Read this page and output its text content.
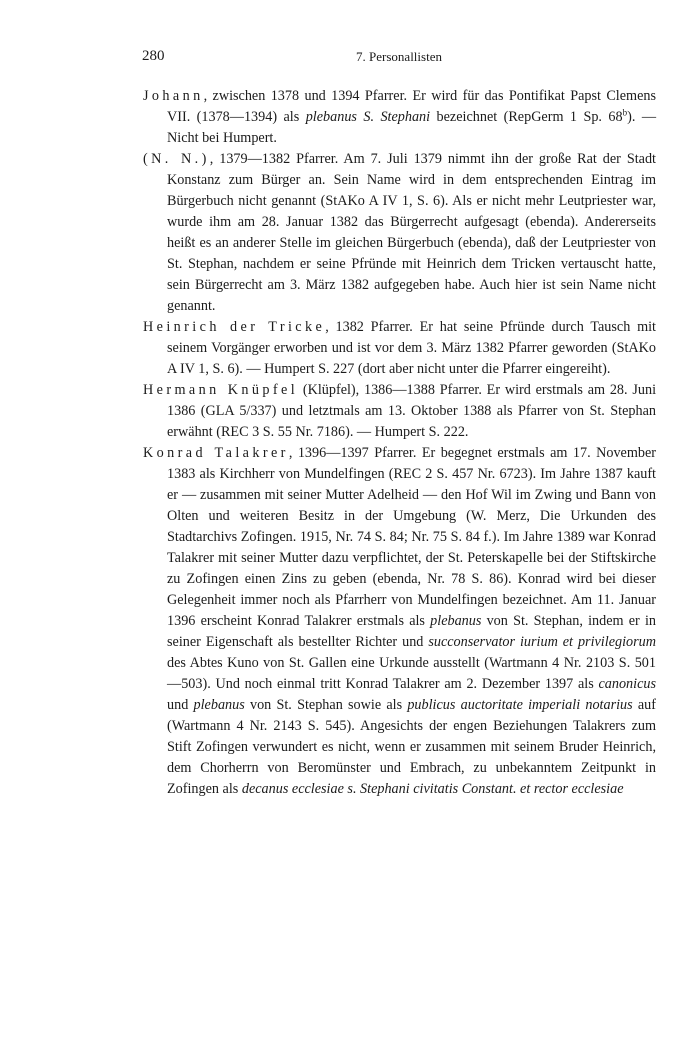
280	7. Personallisten

Johann, zwischen 1378 und 1394 Pfarrer. Er wird für das Pontifikat Papst Clemens VII. (1378—1394) als plebanus S. Stephani bezeichnet (RepGerm 1 Sp. 68$^b$). — Nicht bei Humpert.

(N. N.), 1379—1382 Pfarrer. Am 7. Juli 1379 nimmt ihn der große Rat der Stadt Konstanz zum Bürger an. Sein Name wird in dem entsprechenden Eintrag im Bürgerbuch nicht genannt (StAKo A IV 1, S. 6). Als er nicht mehr Leutpriester war, wurde ihm am 28. Januar 1382 das Bürgerrecht aufgesagt (ebenda). Andererseits heißt es an anderer Stelle im gleichen Bürgerbuch (ebenda), daß der Leutpriester von St. Stephan, nachdem er seine Pfründe mit Heinrich dem Tricken vertauscht hatte, sein Bürgerrecht am 3. März 1382 aufgegeben habe. Auch hier ist sein Name nicht genannt.

Heinrich der Tricke, 1382 Pfarrer. Er hat seine Pfründe durch Tausch mit seinem Vorgänger erworben und ist vor dem 3. März 1382 Pfarrer geworden (StAKo A IV 1, S. 6). — Humpert S. 227 (dort aber nicht unter die Pfarrer eingereiht).

Hermann Knüpfel (Klüpfel), 1386—1388 Pfarrer. Er wird erstmals am 28. Juni 1386 (GLA 5/337) und letztmals am 13. Oktober 1388 als Pfarrer von St. Stephan erwähnt (REC 3 S. 55 Nr. 7186). — Humpert S. 222.

Konrad Talakrer, 1396—1397 Pfarrer. Er begegnet erstmals am 17. November 1383 als Kirchherr von Mundelfingen (REC 2 S. 457 Nr. 6723). Im Jahre 1387 kauft er — zusammen mit seiner Mutter Adelheid — den Hof Wil im Zwing und Bann von Olten und weiteren Besitz in der Umgebung (W. Merz, Die Urkunden des Stadtarchivs Zofingen. 1915, Nr. 74 S. 84; Nr. 75 S. 84 f.). Im Jahre 1389 war Konrad Talakrer mit seiner Mutter dazu verpflichtet, der St. Peterskapelle bei der Stiftskirche zu Zofingen einen Zins zu geben (ebenda, Nr. 78 S. 86). Konrad wird bei dieser Gelegenheit immer noch als Pfarrherr von Mundelfingen bezeichnet. Am 11. Januar 1396 erscheint Konrad Talakrer erstmals als plebanus von St. Stephan, indem er in seiner Eigenschaft als bestellter Richter und succonservator iurium et privilegiorum des Abtes Kuno von St. Gallen eine Urkunde ausstellt (Wartmann 4 Nr. 2103 S. 501—503). Und noch einmal tritt Konrad Talakrer am 2. Dezember 1397 als canonicus und plebanus von St. Stephan sowie als publicus auctoritate imperiali notarius auf (Wartmann 4 Nr. 2143 S. 545). Angesichts der engen Beziehungen Talakrers zum Stift Zofingen verwundert es nicht, wenn er zusammen mit seinem Bruder Heinrich, dem Chorherrn von Beromünster und Embrach, zu unbekanntem Zeitpunkt in Zofingen als decanus ecclesiae s. Stephani civitatis Constant. et rector ecclesiae
